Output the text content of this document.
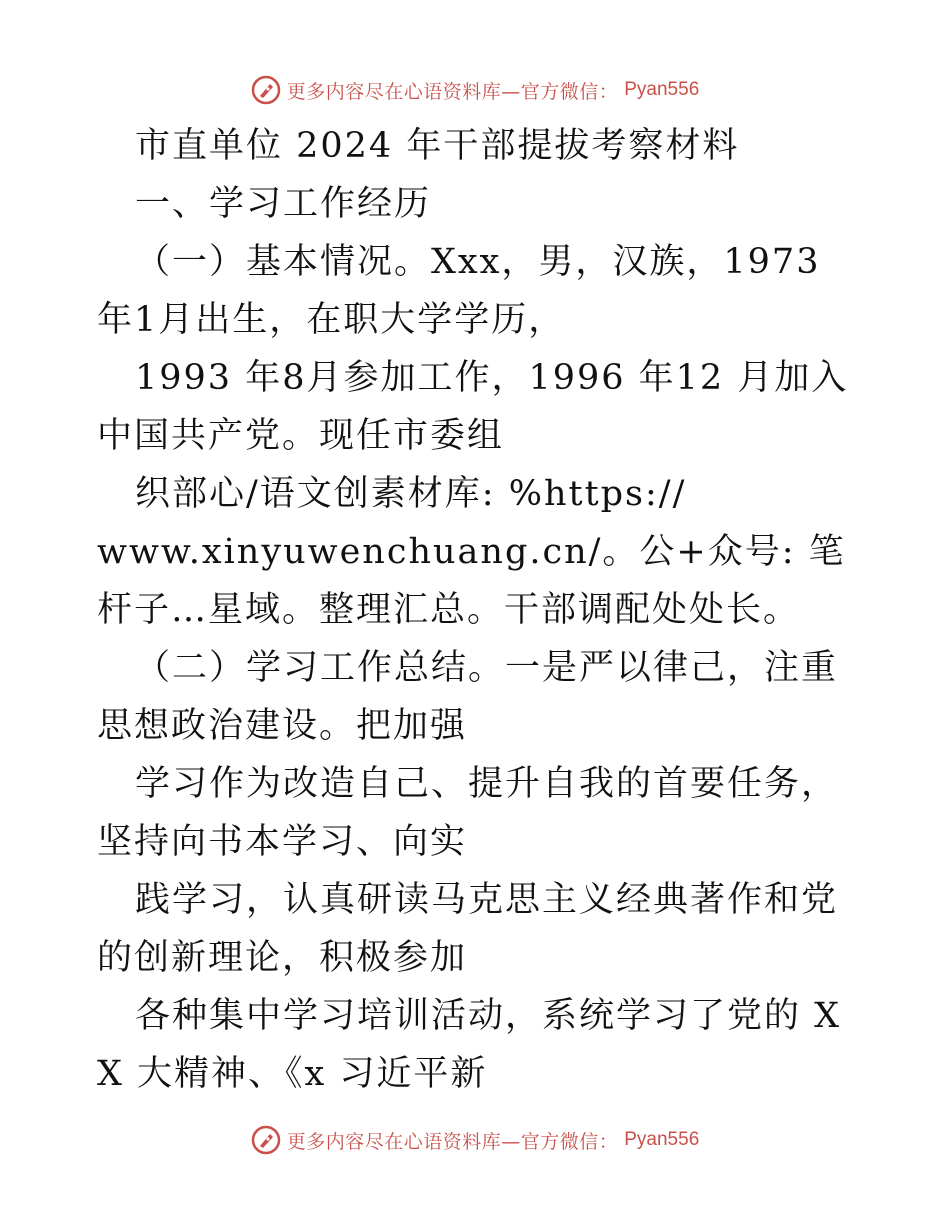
更多内容尽在心语资料库—官方微信： Pyan556

市直单位 2024 年干部提拔考察材料

一、学习工作经历

（一）基本情况。Xxx，男，汉族，1973 年1月出生，在职大学学历，

1993 年8月参加工作，1996 年12 月加入中国共产党。现任市委组

织部心/语文创素材库: %https://

www.xinyuwenchuang.cn/。公+众号: 笔杆子…星域。整理汇总。干部调配处处长。

（二）学习工作总结。一是严以律己，注重思想政治建设。把加强

学习作为改造自己、提升自我的首要任务，坚持向书本学习、向实

践学习，认真研读马克思主义经典著作和党的创新理论，积极参加

各种集中学习培训活动，系统学习了党的 XX 大精神、《x 习近平新

更多内容尽在心语资料库—官方微信： Pyan556
